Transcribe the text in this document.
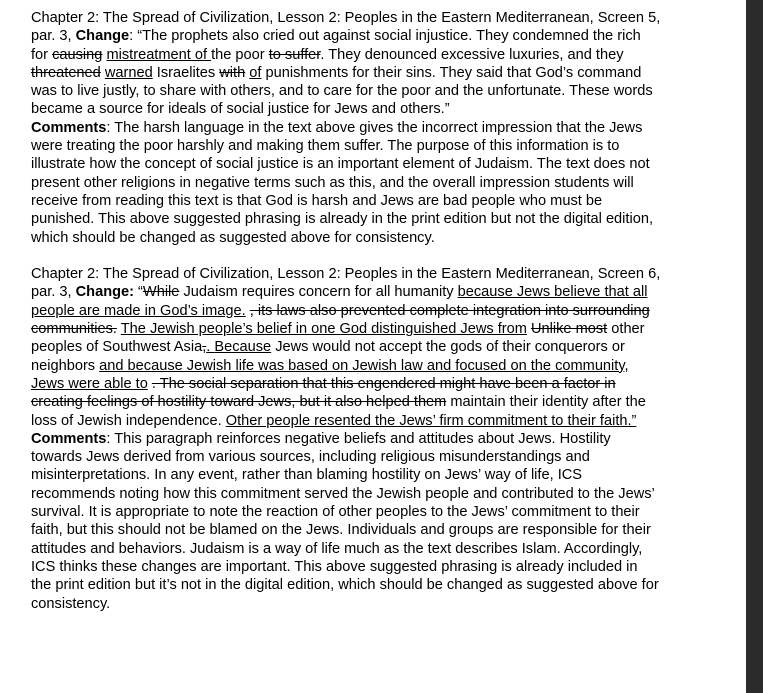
Chapter 2: The Spread of Civilization, Lesson 2: Peoples in the Eastern Mediterranean, Screen 5, par. 3, Change: “The prophets also cried out against social injustice. They condemned the rich for causing mistreatment of the poor to suffer. They denounced excessive luxuries, and they threatened warned Israelites with of punishments for their sins. They said that God’s command was to live justly, to share with others, and to care for the poor and the unfortunate. These words became a source for ideals of social justice for Jews and others.”

Comments: The harsh language in the text above gives the incorrect impression that the Jews were treating the poor harshly and making them suffer. The purpose of this information is to illustrate how the concept of social justice is an important element of Judaism. The text does not present other religions in negative terms such as this, and the overall impression students will receive from reading this text is that God is harsh and Jews are bad people who must be punished. This above suggested phrasing is already in the print edition but not the digital edition, which should be changed as suggested above for consistency.

Chapter 2: The Spread of Civilization, Lesson 2: Peoples in the Eastern Mediterranean, Screen 6, par. 3, Change: “While Judaism requires concern for all humanity because Jews believe that all people are made in God’s image. , its laws also prevented complete integration into surrounding communities. The Jewish people’s belief in one God distinguished Jews from Unlike most other peoples of Southwest Asia,. Because Jews would not accept the gods of their conquerors or neighbors and because Jewish life was based on Jewish law and focused on the community, Jews were able to . The social separation that this engendered might have been a factor in creating feelings of hostility toward Jews, but it also helped them maintain their identity after the loss of Jewish independence. Other people resented the Jews’ firm commitment to their faith.”

Comments: This paragraph reinforces negative beliefs and attitudes about Jews. Hostility towards Jews derived from various sources, including religious misunderstandings and misinterpretations. In any event, rather than blaming hostility on Jews’ way of life, ICS recommends noting how this commitment served the Jewish people and contributed to the Jews’ survival. It is appropriate to note the reaction of other peoples to the Jews’ commitment to their faith, but this should not be blamed on the Jews. Individuals and groups are responsible for their attitudes and behaviors. Judaism is a way of life much as the text describes Islam. Accordingly, ICS thinks these changes are important. This above suggested phrasing is already included in the print edition but it’s not in the digital edition, which should be changed as suggested above for consistency.
